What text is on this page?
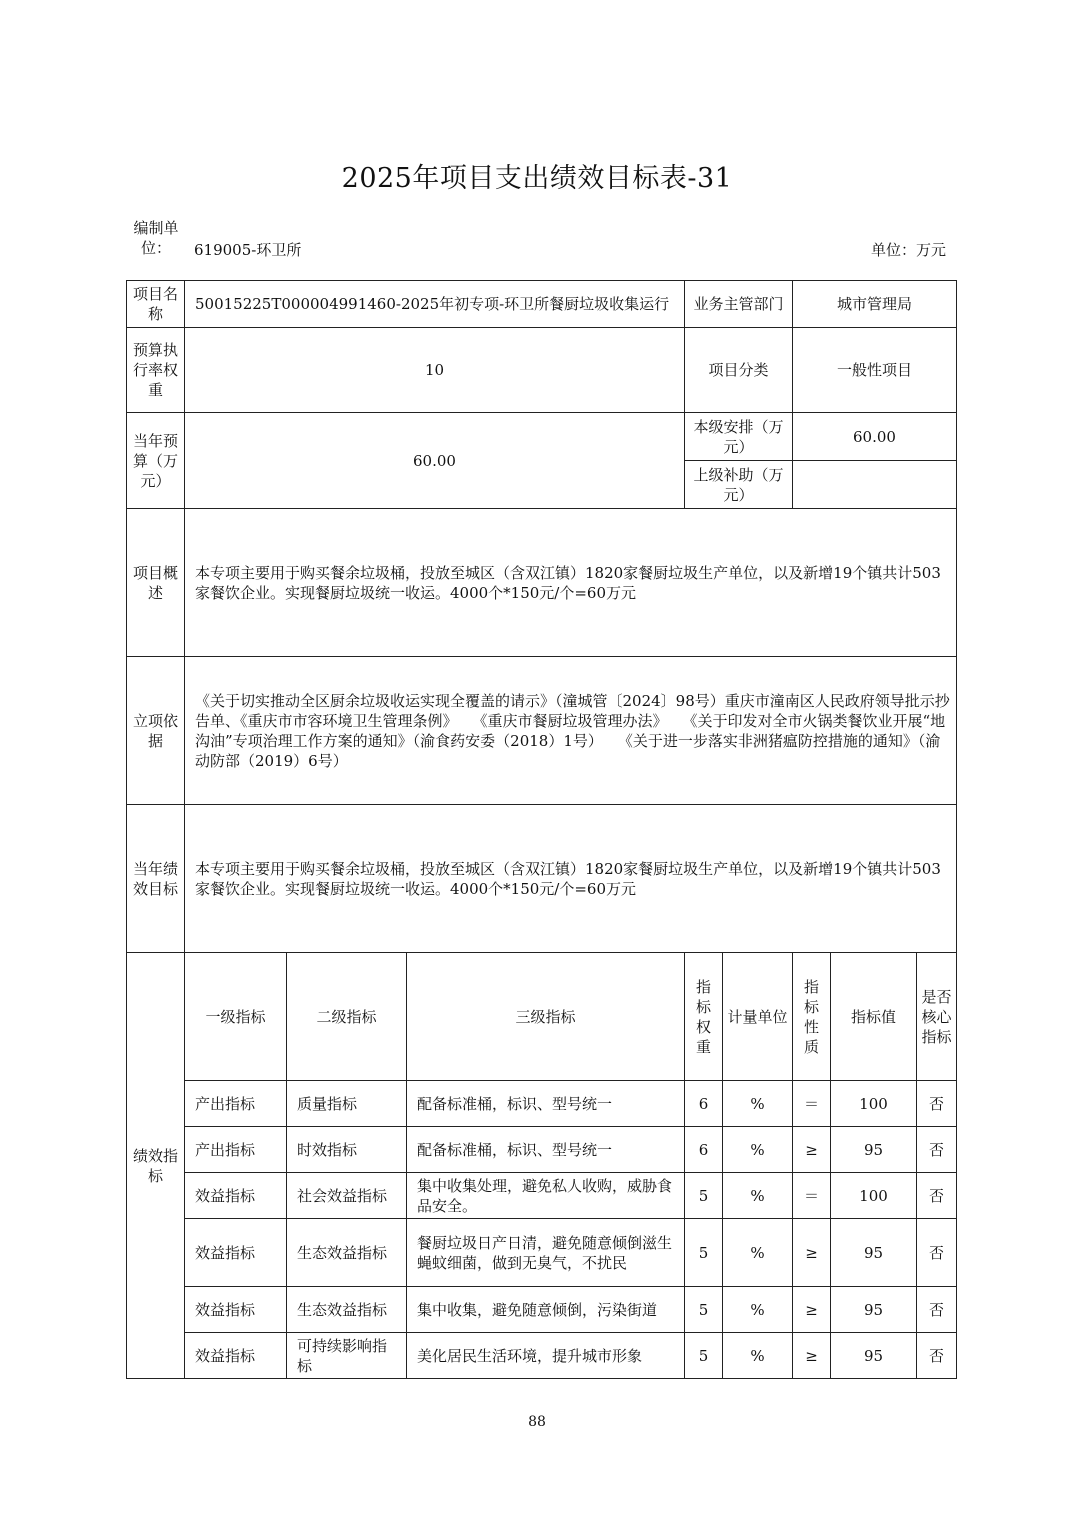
2025年项目支出绩效目标表-31
编制单位：	619005-环卫所	单位：万元
项目名称	50015225T000004991460-2025年初专项-环卫所餐厨垃圾收集运行			业务主管部门		城市管理局		
预算执行率权重	10			项目分类		一般性项目		
当年预算（万元）	60.00			本级安排（万元）		60.00		
				上级补助（万元）				
项目概述	本专项主要用于购买餐余垃圾桶，投放至城区（含双江镇）1820家餐厨垃圾生产单位，以及新增19个镇共计503家餐饮企业。实现餐厨垃圾统一收运。4000个*150元/个=60万元							
立项依据	《关于切实推动全区厨余垃圾收运实现全覆盖的请示》（潼城管〔2024〕98号）重庆市潼南区人民政府领导批示抄告单、《重庆市市容环境卫生管理条例》　　《重庆市餐厨垃圾管理办法》　　《关于印发对全市火锅类餐饮业开展“地沟油”专项治理工作方案的通知》（渝食药安委（2018）1号）　　《关于进一步落实非洲猪瘟防控措施的通知》（渝动防部（2019）6号）							
当年绩效目标	本专项主要用于购买餐余垃圾桶，投放至城区（含双江镇）1820家餐厨垃圾生产单位，以及新增19个镇共计503家餐饮企业。实现餐厨垃圾统一收运。4000个*150元/个=60万元							
绩效指标	一级指标	二级指标	三级指标	指标权重	计量单位	指标性质	指标值	是否核心指标
	产出指标	质量指标	配备标准桶，标识、型号统一	6	%	＝	100	否
	产出指标	时效指标	配备标准桶，标识、型号统一	6	%	≥	95	否
	效益指标	社会效益指标	集中收集处理，避免私人收购，威胁食品安全。	5	%	＝	100	否
	效益指标	生态效益指标	餐厨垃圾日产日清，避免随意倾倒滋生蝇蚊细菌，做到无臭气，不扰民	5	%	≥	95	否
	效益指标	生态效益指标	集中收集，避免随意倾倒，污染街道	5	%	≥	95	否
	效益指标	可持续影响指标	美化居民生活环境，提升城市形象	5	%	≥	95	否
88
